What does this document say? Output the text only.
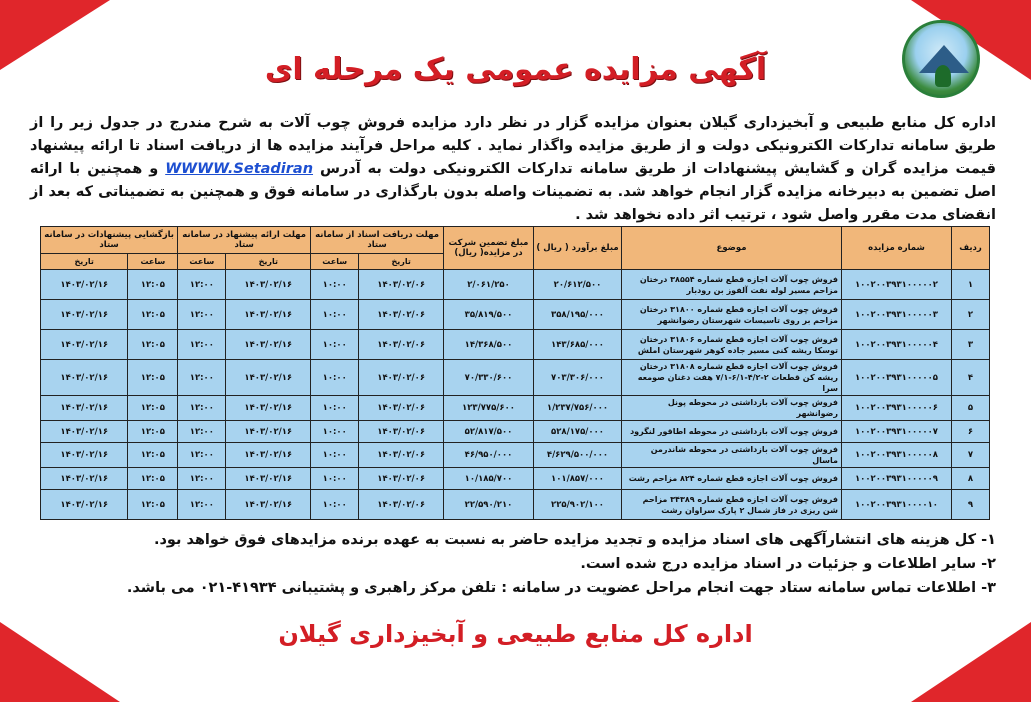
آگهی مزایده عمومی یک مرحله ای
اداره کل منابع طبیعی و آبخیزداری گیلان بعنوان مزایده گزار در نظر دارد مزایده فروش چوب آلات به شرح مندرج در جدول زیر را از طریق سامانه تدارکات الکترونیکی دولت و از طریق مزایده واگذار نماید . کلیه مراحل فرآیند مزایده ها از دریافت اسناد تا ارائه پیشنهاد قیمت مزایده گران و گشایش پیشنهادات از طریق سامانه تدارکات الکترونیکی دولت به آدرس WWWW.Setadiran و همچنین با ارائه اصل تضمین به دبیرخانه مزایده گزار انجام خواهد شد. به تضمینات واصله بدون بارگذاری در سامانه فوق و همچنین به تضمیناتی که بعد از انقضای مدت مقرر واصل شود ، ترتیب اثر داده نخواهد شد .
ردیف	شماره مزایده	موضوع	مبلغ برآورد ( ریال )	مبلغ تضمین شرکت در مزایده( ریال)	مهلت دریافت اسناد از سامانه ستاد		مهلت ارائه پیشنهاد در سامانه ستاد		بازگشایی پیشنهادات در سامانه ستاد	
					تاریخ	ساعت	تاریخ	ساعت	ساعت	تاریخ
۱	۱۰۰۲۰۰۳۹۳۱۰۰۰۰۰۲	فروش چوب آلات اجازه قطع شماره ۳۸۵۵۴ درختان مزاحم مسیر لوله نفت آلفوز بن رودبار	۲۰/۶۱۲/۵۰۰	۲/۰۶۱/۲۵۰	۱۴۰۳/۰۲/۰۶	۱۰:۰۰	۱۴۰۳/۰۲/۱۶	۱۲:۰۰	۱۲:۰۵	۱۴۰۳/۰۲/۱۶
۲	۱۰۰۲۰۰۳۹۳۱۰۰۰۰۰۳	فروش چوب آلات اجازه قطع شماره ۳۱۸۰۰ درختان مزاحم بر روی تاسیسات شهرستان رضوانشهر	۳۵۸/۱۹۵/۰۰۰	۳۵/۸۱۹/۵۰۰	۱۴۰۳/۰۲/۰۶	۱۰:۰۰	۱۴۰۳/۰۲/۱۶	۱۲:۰۰	۱۲:۰۵	۱۴۰۳/۰۲/۱۶
۳	۱۰۰۲۰۰۳۹۳۱۰۰۰۰۰۴	فروش چوب آلات اجازه قطع شماره ۳۱۸۰۶ درختان توسکا ریشه کنی مسیر جاده کوهر شهرستان املش	۱۴۳/۶۸۵/۰۰۰	۱۴/۳۶۸/۵۰۰	۱۴۰۳/۰۲/۰۶	۱۰:۰۰	۱۴۰۳/۰۲/۱۶	۱۲:۰۰	۱۲:۰۵	۱۴۰۳/۰۲/۱۶
۴	۱۰۰۲۰۰۳۹۳۱۰۰۰۰۰۵	فروش چوب آلات اجازه قطع شماره ۳۱۸۰۸ درختان ریشه کن قطعات ۲-۴/۲-۶/۱-۷/۱ هفت دغنان صومعه سرا	۷۰۳/۳۰۶/۰۰۰	۷۰/۳۳۰/۶۰۰	۱۴۰۳/۰۲/۰۶	۱۰:۰۰	۱۴۰۳/۰۲/۱۶	۱۲:۰۰	۱۲:۰۵	۱۴۰۳/۰۲/۱۶
۵	۱۰۰۲۰۰۳۹۳۱۰۰۰۰۰۶	فروش چوب آلات بازداشتی در محوطه پونل رضوانشهر	۱/۲۳۷/۷۵۶/۰۰۰	۱۲۳/۷۷۵/۶۰۰	۱۴۰۳/۰۲/۰۶	۱۰:۰۰	۱۴۰۳/۰۲/۱۶	۱۲:۰۰	۱۲:۰۵	۱۴۰۳/۰۲/۱۶
۶	۱۰۰۲۰۰۳۹۳۱۰۰۰۰۰۷	فروش چوب آلات بازداشتی در محوطه اطاقور لنگرود	۵۲۸/۱۷۵/۰۰۰	۵۲/۸۱۷/۵۰۰	۱۴۰۳/۰۲/۰۶	۱۰:۰۰	۱۴۰۳/۰۲/۱۶	۱۲:۰۰	۱۲:۰۵	۱۴۰۳/۰۲/۱۶
۷	۱۰۰۲۰۰۳۹۳۱۰۰۰۰۰۸	فروش چوب آلات بازداشتی در محوطه شاندرمن ماسال	۴/۶۲۹/۵۰۰/۰۰۰	۴۶/۹۵۰/۰۰۰	۱۴۰۳/۰۲/۰۶	۱۰:۰۰	۱۴۰۳/۰۲/۱۶	۱۲:۰۰	۱۲:۰۵	۱۴۰۳/۰۲/۱۶
۸	۱۰۰۲۰۰۳۹۳۱۰۰۰۰۰۹	فروش چوب آلات اجازه قطع شماره ۸۲۴ مزاحم رشت	۱۰۱/۸۵۷/۰۰۰	۱۰/۱۸۵/۷۰۰	۱۴۰۳/۰۲/۰۶	۱۰:۰۰	۱۴۰۳/۰۲/۱۶	۱۲:۰۰	۱۲:۰۵	۱۴۰۳/۰۲/۱۶
۹	۱۰۰۲۰۰۳۹۳۱۰۰۰۰۱۰	فروش چوب آلات اجازه قطع شماره ۳۴۳۸۹ مزاحم شن ریزی در فاز شمال ۲ پارک سراوان رشت	۲۲۵/۹۰۲/۱۰۰	۲۲/۵۹۰/۲۱۰	۱۴۰۳/۰۲/۰۶	۱۰:۰۰	۱۴۰۳/۰۲/۱۶	۱۲:۰۰	۱۲:۰۵	۱۴۰۳/۰۲/۱۶
۱- کل هزینه های انتشارآگهی های اسناد مزایده و تجدید مزایده حاضر به نسبت به عهده برنده مزایدهای فوق خواهد بود.
۲- سایر اطلاعات و جزئیات در اسناد مزایده درج شده است.
۳- اطلاعات تماس سامانه ستاد جهت انجام مراحل عضویت در سامانه : تلفن مرکز راهبری و پشتیبانی ۴۱۹۳۴-۰۲۱ می باشد.
اداره کل منابع طبیعی و آبخیزداری گیلان
